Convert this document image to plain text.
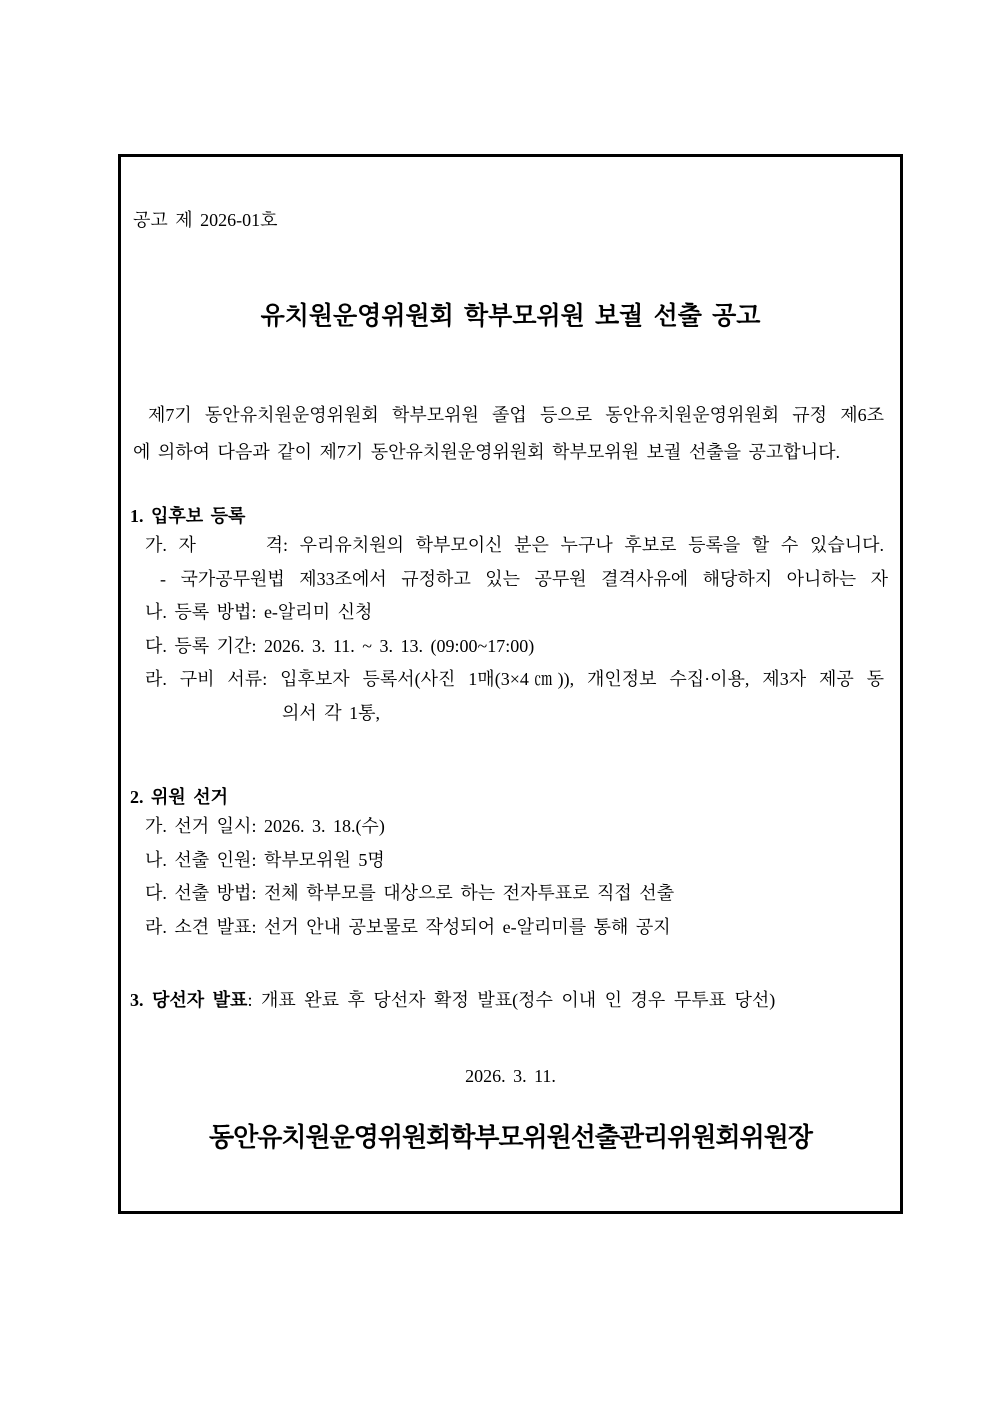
공고 제 2026-01호
유치원운영위원회 학부모위원 보궐 선출 공고

제7기 동안유치원운영위원회 학부모위원 졸업 등으로 동안유치원운영위원회 규정 제6조
에 의하여 다음과 같이 제7기 동안유치원운영위원회 학부모위원 보궐 선출을 공고합니다.

1. 입후보 등록
가. 자      격: 우리유치원의 학부모이신 분은 누구나 후보로 등록을 할 수 있습니다.
- 국가공무원법 제33조에서 규정하고 있는 공무원 결격사유에 해당하지 아니하는 자
나. 등록 방법: e-알리미 신청
다. 등록 기간: 2026. 3. 11. ~ 3. 13. (09:00~17:00)
라. 구비 서류: 입후보자 등록서(사진 1매(3×4㎝)), 개인정보 수집·이용, 제3자 제공 동
의서 각 1통,
2. 위원 선거
가. 선거 일시: 2026. 3. 18.(수)
나. 선출 인원: 학부모위원 5명
다. 선출 방법: 전체 학부모를 대상으로 하는 전자투표로 직접 선출
라. 소견 발표: 선거 안내 공보물로 작성되어 e-알리미를 통해 공지
3. 당선자 발표: 개표 완료 후 당선자 확정 발표(정수 이내 인 경우 무투표 당선)
2026. 3. 11.
동안유치원운영위원회학부모위원선출관리위원회위원장
